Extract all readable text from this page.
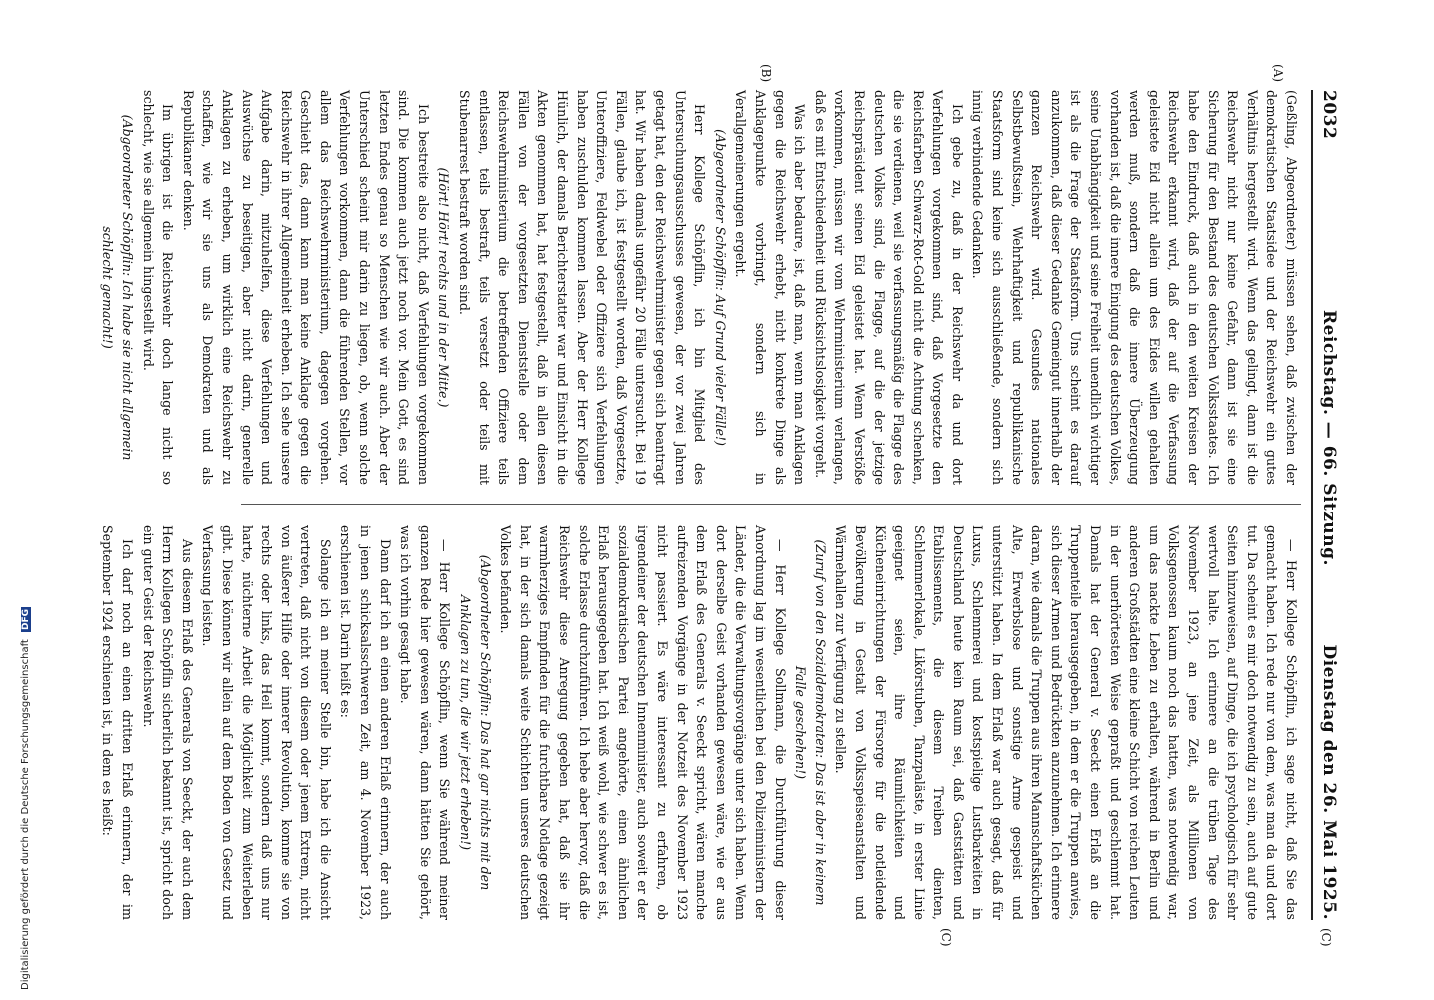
2032
Reichstag. — 66. Sitzung.
Dienstag den 26. Mai 1925.
(A)
(B)
(C)
(C)

(Geßling, Abgeordneter) müssen sehen, daß zwischen der demokratischen Staatsidee und der Reichswehr ein gutes Verhältnis hergestellt wird. Wenn das gelingt, dann ist die Reichswehr nicht nur keine Gefahr, dann ist sie eine Sicherung für den Bestand des deutschen Volksstaates. Ich habe den Eindruck, daß auch in den weiten Kreisen der Reichswehr erkannt wird, daß der auf die Verfassung geleistete Eid nicht allein um des Eides willen gehalten werden muß, sondern daß die innere Überzeugung vorhanden ist, daß die innere Einigung des deutschen Volkes, seine Unabhängigkeit und seine Freiheit unendlich wichtiger ist als die Frage der Staatsform. Uns scheint es darauf anzukommen, daß dieser Gedanke Gemeingut innerhalb der ganzen Reichswehr wird. Gesundes nationales Selbstbewußtsein, Wehrhaftigkeit und republikanische Staatsform sind keine sich ausschließende, sondern sich innig verbindende Gedanken.

Ich gebe zu, daß in der Reichswehr da und dort Verfehlungen vorgekommen sind, daß Vorgesetzte den Reichsfarben Schwarz-Rot-Gold nicht die Achtung schenken, die sie verdienen, weil sie verfassungsmäßig die Flagge des deutschen Volkes sind, die Flagge, auf die der jetzige Reichspräsident seinen Eid geleistet hat. Wenn Verstöße vorkommen, müssen wir vom Wehrministerium verlangen, daß es mit Entschiedenheit und Rücksichtslosigkeit vorgeht.

Was ich aber bedaure, ist, daß man, wenn man Anklagen gegen die Reichswehr erhebt, nicht konkrete Dinge als Anklagepunkte vorbringt, sondern sich in Verallgemeinerungen ergeht.

(Abgeordneter Schöpflin: Auf Grund vieler Fälle!)

Herr Kollege Schöpflin, ich bin Mitglied des Untersuchungsausschusses gewesen, der vor zwei Jahren getagt hat, den der Reichswehrminister gegen sich beantragt hat. Wir haben damals ungefähr 20 Fälle untersucht. Bei 19 Fällen, glaube ich, ist festgestellt worden, daß Vorgesetzte, Unteroffiziere, Feldwebel oder Offiziere sich Verfehlungen haben zuschulden kommen lassen. Aber der Herr Kollege Hünlich, der damals Berichterstatter war und Einsicht in die Akten genommen hat, hat festgestellt, daß in allen diesen Fällen von der vorgesetzten Dienststelle oder dem Reichswehrministerium die betreffenden Offiziere teils entlassen, teils bestraft, teils versetzt oder teils mit Stubenarrest bestraft worden sind.

(Hört! Hört! rechts und in der Mitte.)

Ich bestreite also nicht, daß Verfehlungen vorgekommen sind. Die kommen auch jetzt noch vor. Mein Gott, es sind letzten Endes genau so Menschen wie wir auch. Aber der Unterschied scheint mir darin zu liegen, ob, wenn solche Verfehlungen vorkommen, dann die führenden Stellen, vor allem das Reichswehrministerium, dagegen vorgehen. Geschieht das, dann kann man keine Anklage gegen die Reichswehr in ihrer Allgemeinheit erheben. Ich sehe unsere Aufgabe darin, mitzuhelfen, diese Verfehlungen und Auswüchse zu beseitigen, aber nicht darin, generelle Anklagen zu erheben, um wirklich eine Reichswehr zu schaffen, wie wir sie uns als Demokraten und als Republikaner denken.

Im übrigen ist die Reichswehr doch lange nicht so schlecht, wie sie allgemein hingestellt wird.

(Abgeordneter Schöpflin: Ich habe sie nicht allgemein schlecht gemacht!)

— Herr Kollege Schöpflin, ich sage nicht, daß Sie das gemacht haben. Ich rede nur von dem, was man da und dort tut. Da scheint es mir doch notwendig zu sein, auch auf gute Seiten hinzuweisen, auf Dinge, die ich psychologisch für sehr wertvoll halte. Ich erinnere an die trüben Tage des November 1923, an jene Zeit, als Millionen von Volksgenossen kaum noch das hatten, was notwendig war, um das nackte Leben zu erhalten, während in Berlin und anderen Großstädten eine kleine Schicht von reichen Leuten in der unerhörtesten Weise gepraßt und geschlemmt hat. Damals hat der General v. Seeckt einen Erlaß an die Truppenteile herausgegeben, in dem er die Truppen anwies, sich dieser Armen und Bedrückten anzunehmen. Ich erinnere daran, wie damals die Truppen aus ihren Mannschaftsküchen Alte, Erwerbslose und sonstige Arme gespeist und unterstützt haben. In dem Erlaß war auch gesagt, daß für Luxus, Schlemmerei und kostspielige Lustbarkeiten in Deutschland heute kein Raum sei, daß Gaststätten und Etablissements, die diesem Treiben dienten, Schlemmerlokale, Likörstuben, Tanzpaläste, in erster Linie geeignet seien, ihre Räumlichkeiten und Kücheneinrichtungen der Fürsorge für die notleidende Bevölkerung in Gestalt von Volksspeiseanstalten und Wärmehallen zur Verfügung zu stellen.

(Zuruf von den Sozialdemokraten: Das ist aber in keinem Falle geschehen!)

— Herr Kollege Sollmann, die Durchführung dieser Anordnung lag im wesentlichen bei den Polizeiministern der Länder, die die Verwaltungsvorgänge unter sich haben. Wenn dort derselbe Geist vorhanden gewesen wäre, wie er aus dem Erlaß des Generals v. Seeckt spricht, wären manche aufreizenden Vorgänge in der Notzeit des November 1923 nicht passiert. Es wäre interessant zu erfahren, ob irgendeiner der deutschen Innenminister, auch soweit er der sozialdemokratischen Partei angehörte, einen ähnlichen Erlaß herausgegeben hat. Ich weiß wohl, wie schwer es ist, solche Erlasse durchzuführen. Ich hebe aber hervor, daß die Reichswehr diese Anregung gegeben hat, daß sie ihr warmherziges Empfinden für die furchtbare Notlage gezeigt hat, in der sich damals weite Schichten unseres deutschen Volkes befanden.

(Abgeordneter Schöpflin: Das hat gar nichts mit den Anklagen zu tun, die wir jetzt erheben!)

— Herr Kollege Schöpflin, wenn Sie während meiner ganzen Rede hier gewesen wären, dann hätten Sie gehört, was ich vorhin gesagt habe.

Dann darf ich an einen anderen Erlaß erinnern, der auch in jenen schicksalsschweren Zeit, am 4. November 1923, erschienen ist. Darin heißt es:

Solange ich an meiner Stelle bin, habe ich die Ansicht vertreten, daß nicht von diesem oder jenem Extrem, nicht von äußerer Hilfe oder innerer Revolution, komme sie von rechts oder links, das Heil kommt, sondern daß uns nur harte, nüchterne Arbeit die Möglichkeit zum Weiterleben gibt. Diese können wir allein auf dem Boden von Gesetz und Verfassung leisten.

Aus diesem Erlaß des Generals von Seeckt, der auch dem Herrn Kollegen Schöpflin sicherlich bekannt ist, spricht doch ein guter Geist der Reichswehr.

Ich darf noch an einen dritten Erlaß erinnern, der im September 1924 erschienen ist, in dem es heißt:

Digitalisierung gefördert durch die Deutsche Forschungsgemeinschaft DFG
